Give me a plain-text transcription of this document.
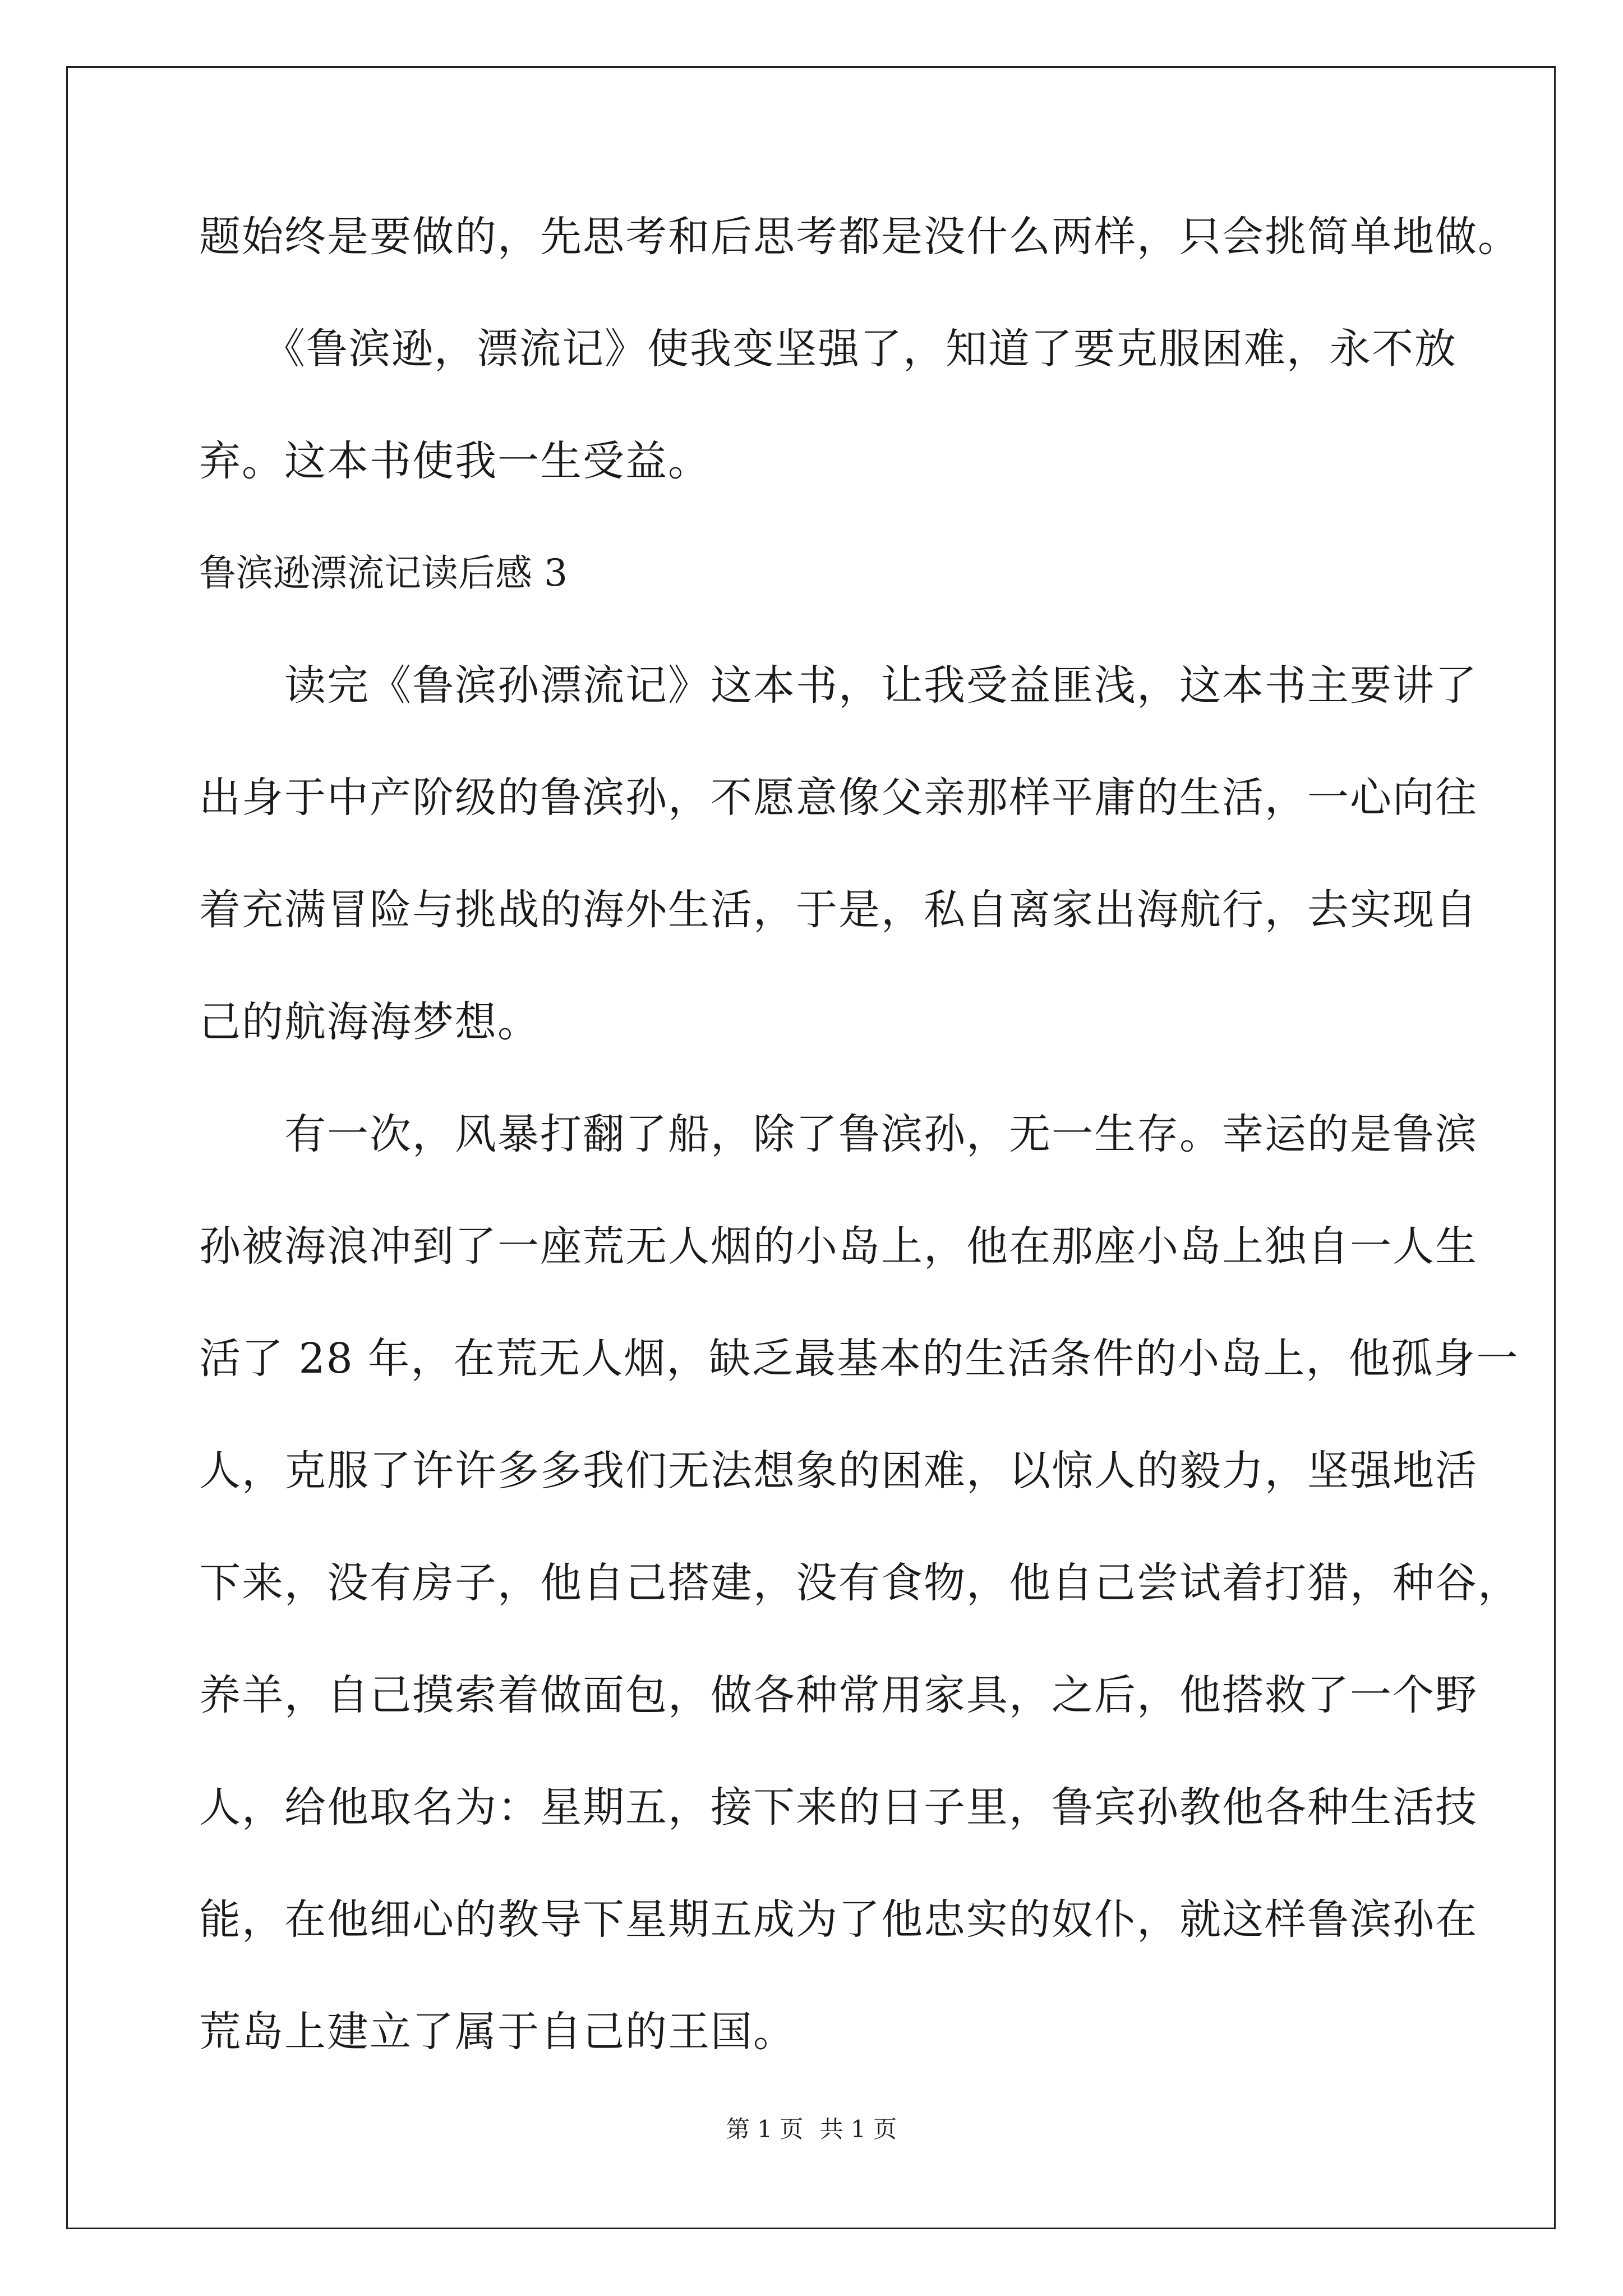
题始终是要做的，先思考和后思考都是没什么两样，只会挑简单地做。
　　《鲁滨逊，漂流记》使我变坚强了，知道了要克服困难，永不放
弃。这本书使我一生受益。
鲁滨逊漂流记读后感 3
　　读完《鲁滨孙漂流记》这本书，让我受益匪浅，这本书主要讲了
出身于中产阶级的鲁滨孙，不愿意像父亲那样平庸的生活，一心向往
着充满冒险与挑战的海外生活，于是，私自离家出海航行，去实现自
己的航海海梦想。
　　有一次，风暴打翻了船，除了鲁滨孙，无一生存。幸运的是鲁滨
孙被海浪冲到了一座荒无人烟的小岛上，他在那座小岛上独自一人生
活了 28 年，在荒无人烟，缺乏最基本的生活条件的小岛上，他孤身一
人，克服了许许多多我们无法想象的困难，以惊人的毅力，坚强地活
下来，没有房子，他自己搭建，没有食物，他自己尝试着打猎，种谷，
养羊，自己摸索着做面包，做各种常用家具，之后，他搭救了一个野
人，给他取名为：星期五，接下来的日子里，鲁宾孙教他各种生活技
能，在他细心的教导下星期五成为了他忠实的奴仆，就这样鲁滨孙在
荒岛上建立了属于自己的王国。
第 1 页 共 1 页
